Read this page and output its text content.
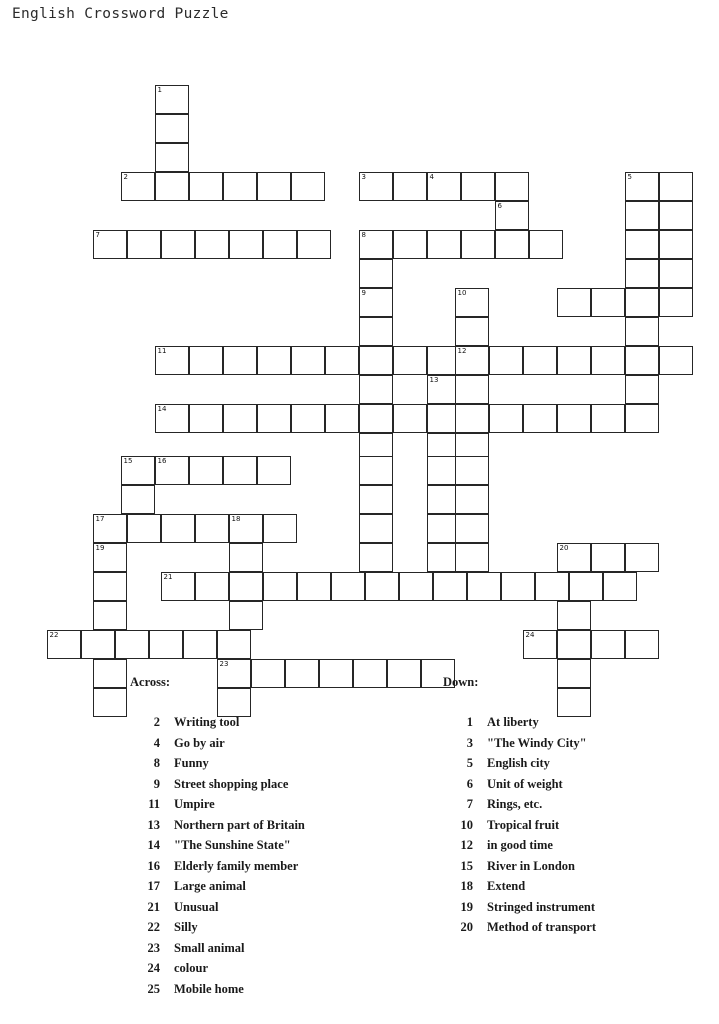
English Crossword Puzzle
1
2	3	4	5
6
7	8
9	10
11	12
13
14
15	16
17	18
19	20
21
22	24
23
Across:
2	Writing tool
4	Go by air
8	Funny
9	Street shopping place
11	Umpire
13	Northern part of Britain
14	"The Sunshine State"
16	Elderly family member
17	Large animal
21	Unusual
22	Silly
23	Small animal
24	colour
25	Mobile home
Down:
1	At liberty
3	"The Windy City"
5	English city
6	Unit of weight
7	Rings, etc.
10	Tropical fruit
12	in good time
15	River in London
18	Extend
19	Stringed instrument
20	Method of transport
